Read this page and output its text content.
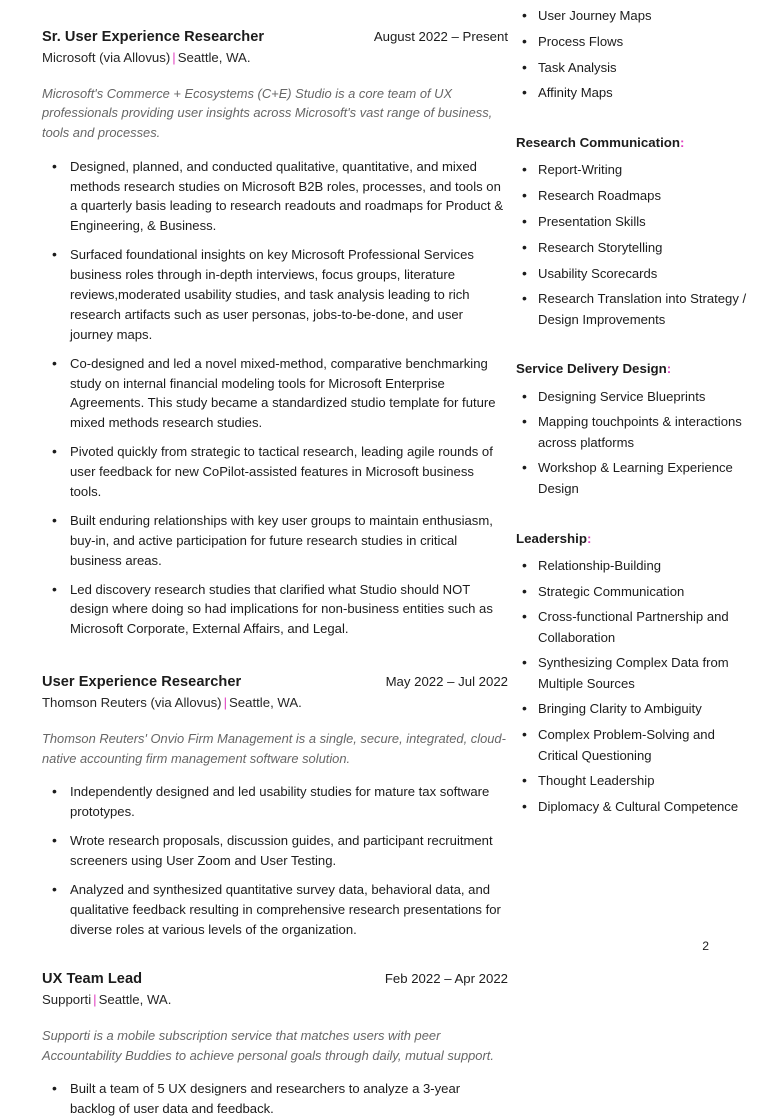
Sr. User Experience Researcher	August 2022 – Present
Microsoft (via Allovus) | Seattle, WA.
Microsoft's Commerce + Ecosystems (C+E) Studio is a core team of UX professionals providing user insights across Microsoft's vast range of business, tools and processes.
• Designed, planned, and conducted qualitative, quantitative, and mixed methods research studies on Microsoft B2B roles, processes, and tools on a quarterly basis leading to research readouts and roadmaps for Product & Engineering, & Business.
• Surfaced foundational insights on key Microsoft Professional Services business roles through in-depth interviews, focus groups, literature reviews,moderated usability studies, and task analysis leading to rich research artifacts such as user personas, jobs-to-be-done, and user journey maps.
• Co-designed and led a novel mixed-method, comparative benchmarking study on internal financial modeling tools for Microsoft Enterprise Agreements. This study became a standardized studio template for future mixed methods research studies.
• Pivoted quickly from strategic to tactical research, leading agile rounds of user feedback for new CoPilot-assisted features in Microsoft business tools.
• Built enduring relationships with key user groups to maintain enthusiasm, buy-in, and active participation for future research studies in critical business areas.
• Led discovery research studies that clarified what Studio should NOT design where doing so had implications for non-business entities such as Microsoft Corporate, External Affairs, and Legal.
User Experience Researcher	May 2022 – Jul 2022
Thomson Reuters (via Allovus) | Seattle, WA.
Thomson Reuters' Onvio Firm Management is a single, secure, integrated, cloud-native accounting firm management software solution.
• Independently designed and led usability studies for mature tax software prototypes.
• Wrote research proposals, discussion guides, and participant recruitment screeners using User Zoom and User Testing.
• Analyzed and synthesized quantitative survey data, behavioral data, and qualitative feedback resulting in comprehensive research presentations for diverse roles at various levels of the organization.
UX Team Lead	Feb 2022 – Apr 2022
Supporti | Seattle, WA.
Supporti is a mobile subscription service that matches users with peer Accountability Buddies to achieve personal goals through daily, mutual support.
• Built a team of 5 UX designers and researchers to analyze a 3-year backlog of user data and feedback.
• User Journey Maps
• Process Flows
• Task Analysis
• Affinity Maps
Research Communication:
• Report-Writing
• Research Roadmaps
• Presentation Skills
• Research Storytelling
• Usability Scorecards
• Research Translation into Strategy / Design Improvements
Service Delivery Design:
• Designing Service Blueprints
• Mapping touchpoints & interactions across platforms
• Workshop & Learning Experience Design
Leadership:
• Relationship-Building
• Strategic Communication
• Cross-functional Partnership and Collaboration
• Synthesizing Complex Data from Multiple Sources
• Bringing Clarity to Ambiguity
• Complex Problem-Solving and Critical Questioning
• Thought Leadership
• Diplomacy & Cultural Competence
2
